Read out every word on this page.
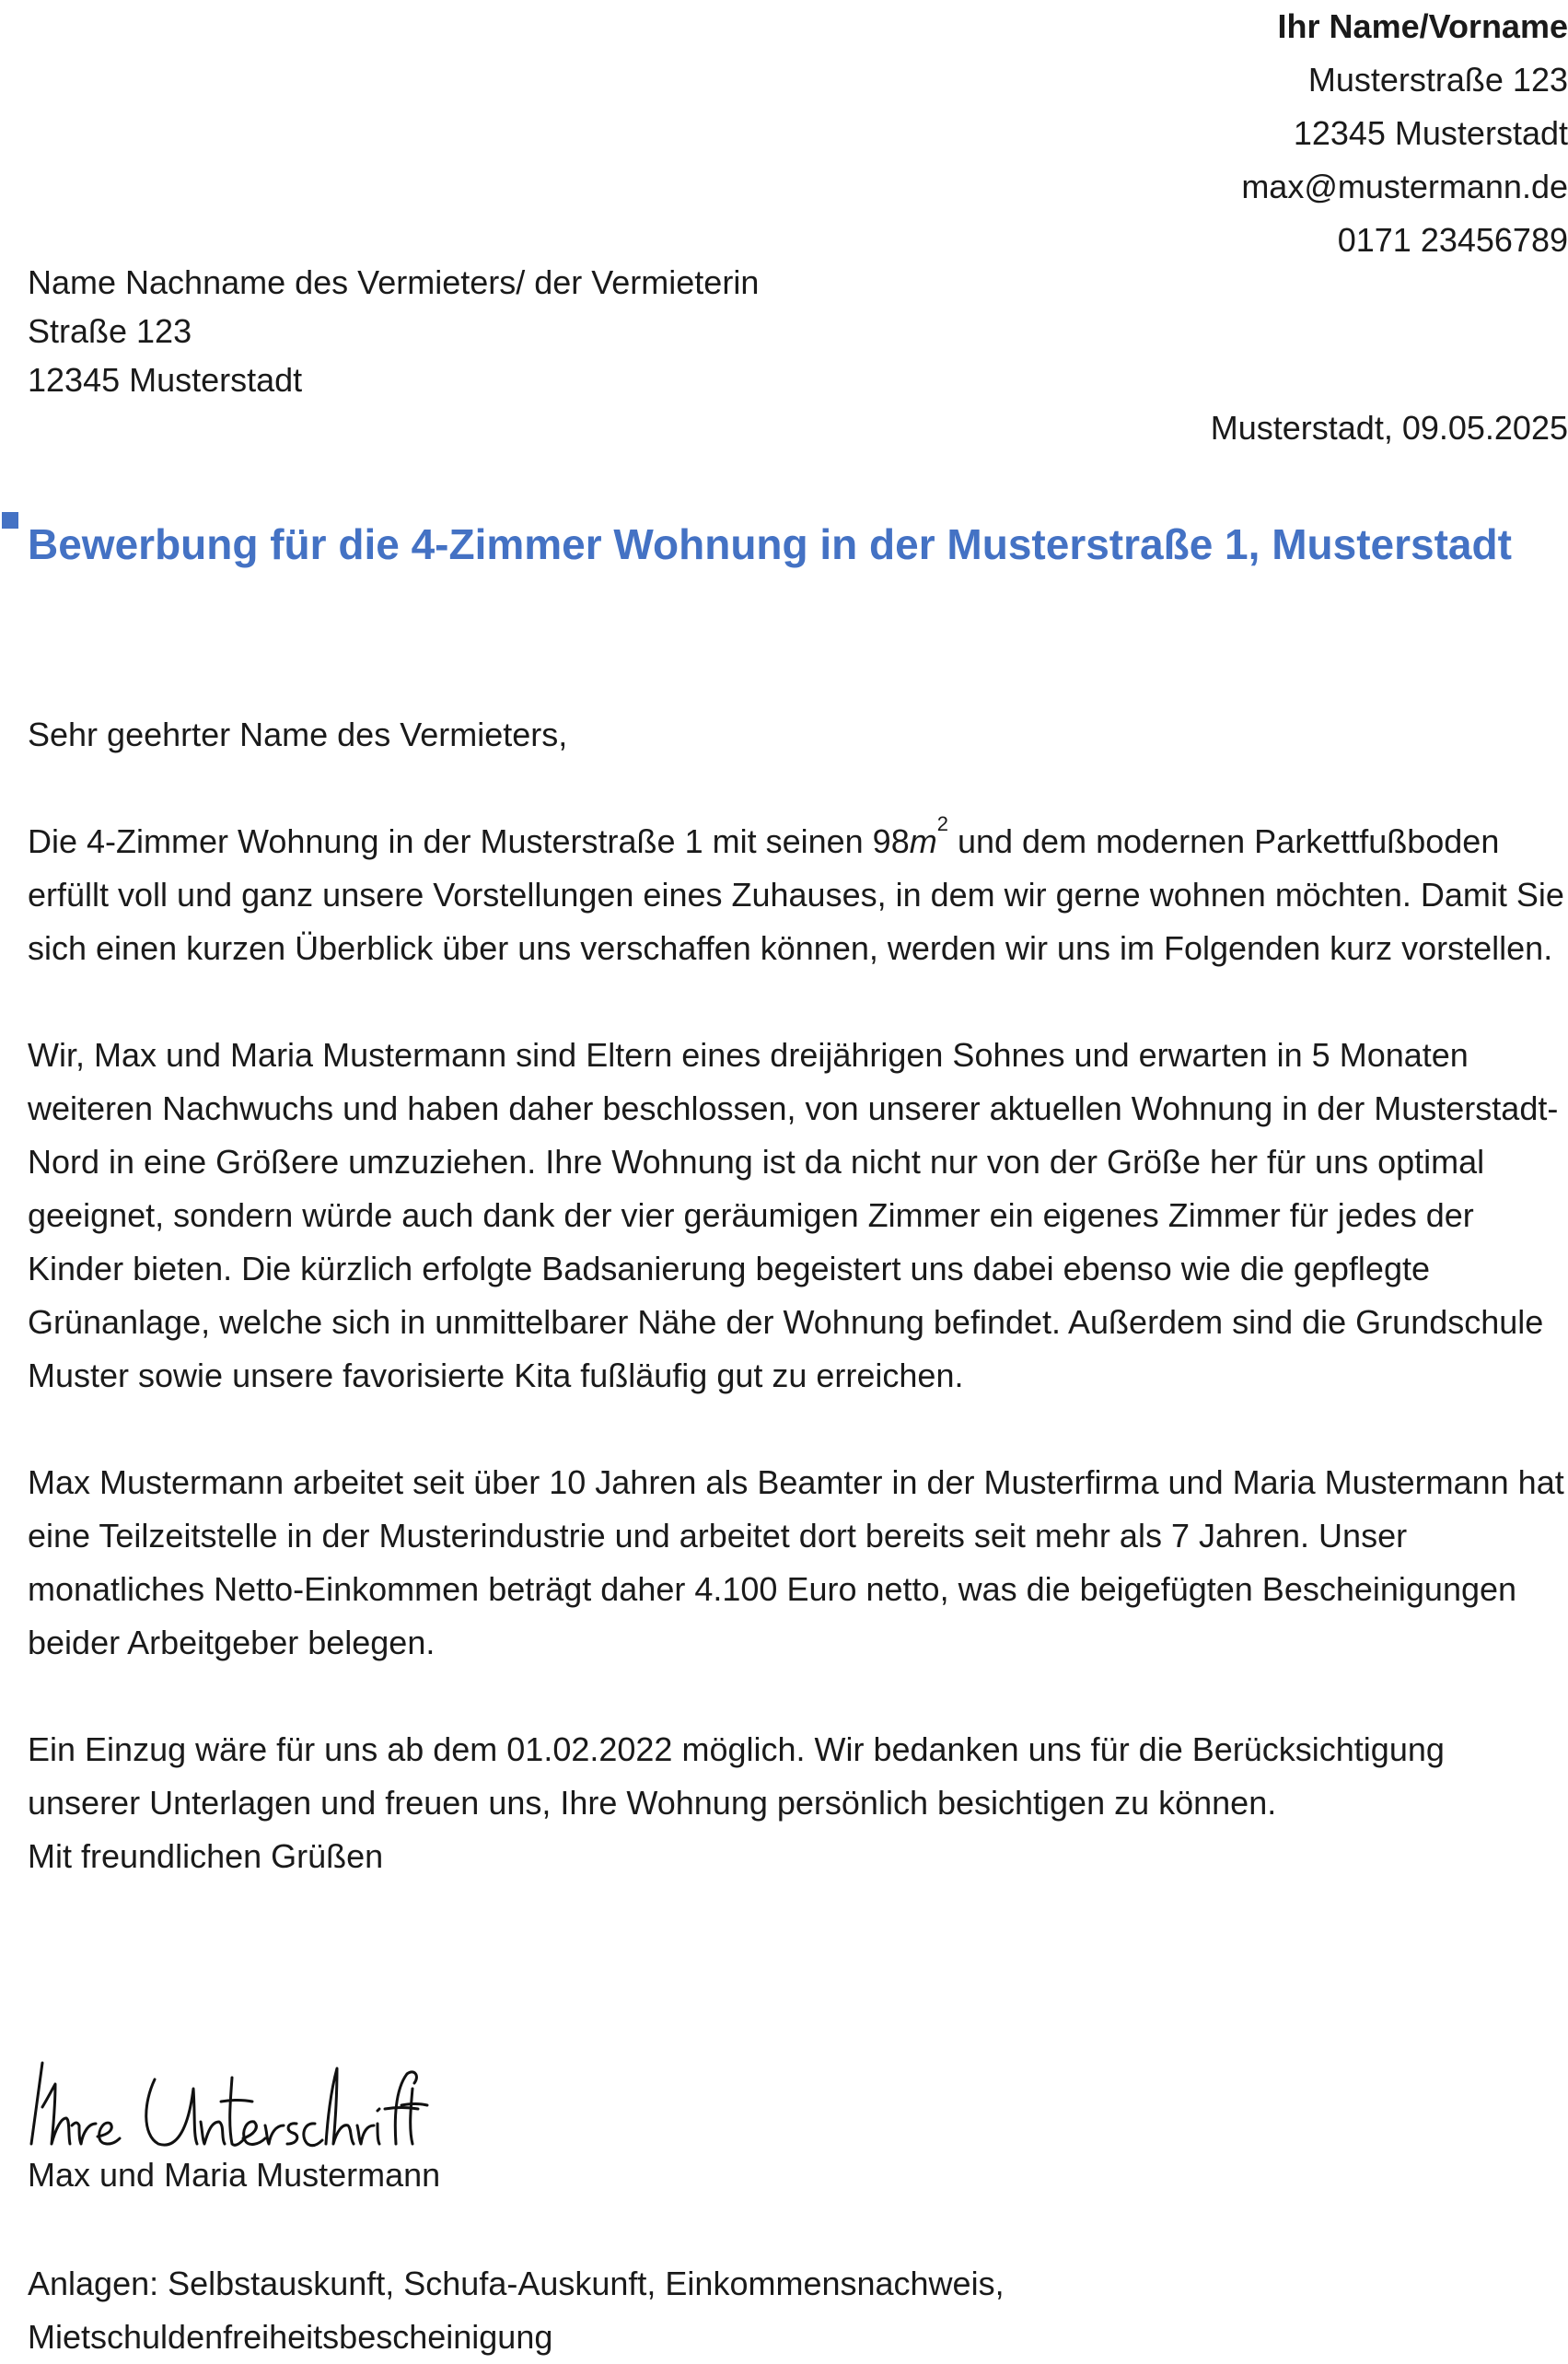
Ihr Name/Vorname
Musterstraße 123
12345 Musterstadt
max@mustermann.de
0171 23456789
Name Nachname des Vermieters/ der Vermieterin
Straße 123
12345 Musterstadt
Musterstadt, 09.05.2025
Bewerbung für die 4-Zimmer Wohnung in der Musterstraße 1, Musterstadt

Sehr geehrter Name des Vermieters,

Die 4-Zimmer Wohnung in der Musterstraße 1 mit seinen $98m^2$ und dem modernen Parkettfußboden erfüllt voll und ganz unsere Vorstellungen eines Zuhauses, in dem wir gerne wohnen möchten. Damit Sie sich einen kurzen Überblick über uns verschaffen können, werden wir uns im Folgenden kurz vorstellen.

Wir, Max und Maria Mustermann sind Eltern eines dreijährigen Sohnes und erwarten in 5 Monaten weiteren Nachwuchs und haben daher beschlossen, von unserer aktuellen Wohnung in der Musterstadt-Nord in eine Größere umzuziehen. Ihre Wohnung ist da nicht nur von der Größe her für uns optimal geeignet, sondern würde auch dank der vier geräumigen Zimmer ein eigenes Zimmer für jedes der Kinder bieten. Die kürzlich erfolgte Badsanierung begeistert uns dabei ebenso wie die gepflegte Grünanlage, welche sich in unmittelbarer Nähe der Wohnung befindet. Außerdem sind die Grundschule Muster sowie unsere favorisierte Kita fußläufig gut zu erreichen.

Max Mustermann arbeitet seit über 10 Jahren als Beamter in der Musterfirma und Maria Mustermann hat eine Teilzeitstelle in der Musterindustrie und arbeitet dort bereits seit mehr als 7 Jahren. Unser monatliches Netto-Einkommen beträgt daher 4.100 Euro netto, was die beigefügten Bescheinigungen beider Arbeitgeber belegen.

Ein Einzug wäre für uns ab dem 01.02.2022 möglich. Wir bedanken uns für die Berücksichtigung unserer Unterlagen und freuen uns, Ihre Wohnung persönlich besichtigen zu können.

Mit freundlichen Grüßen

Max und Maria Mustermann
Anlagen: Selbstauskunft, Schufa-Auskunft, Einkommensnachweis,
Mietschuldenfreiheitsbescheinigung
